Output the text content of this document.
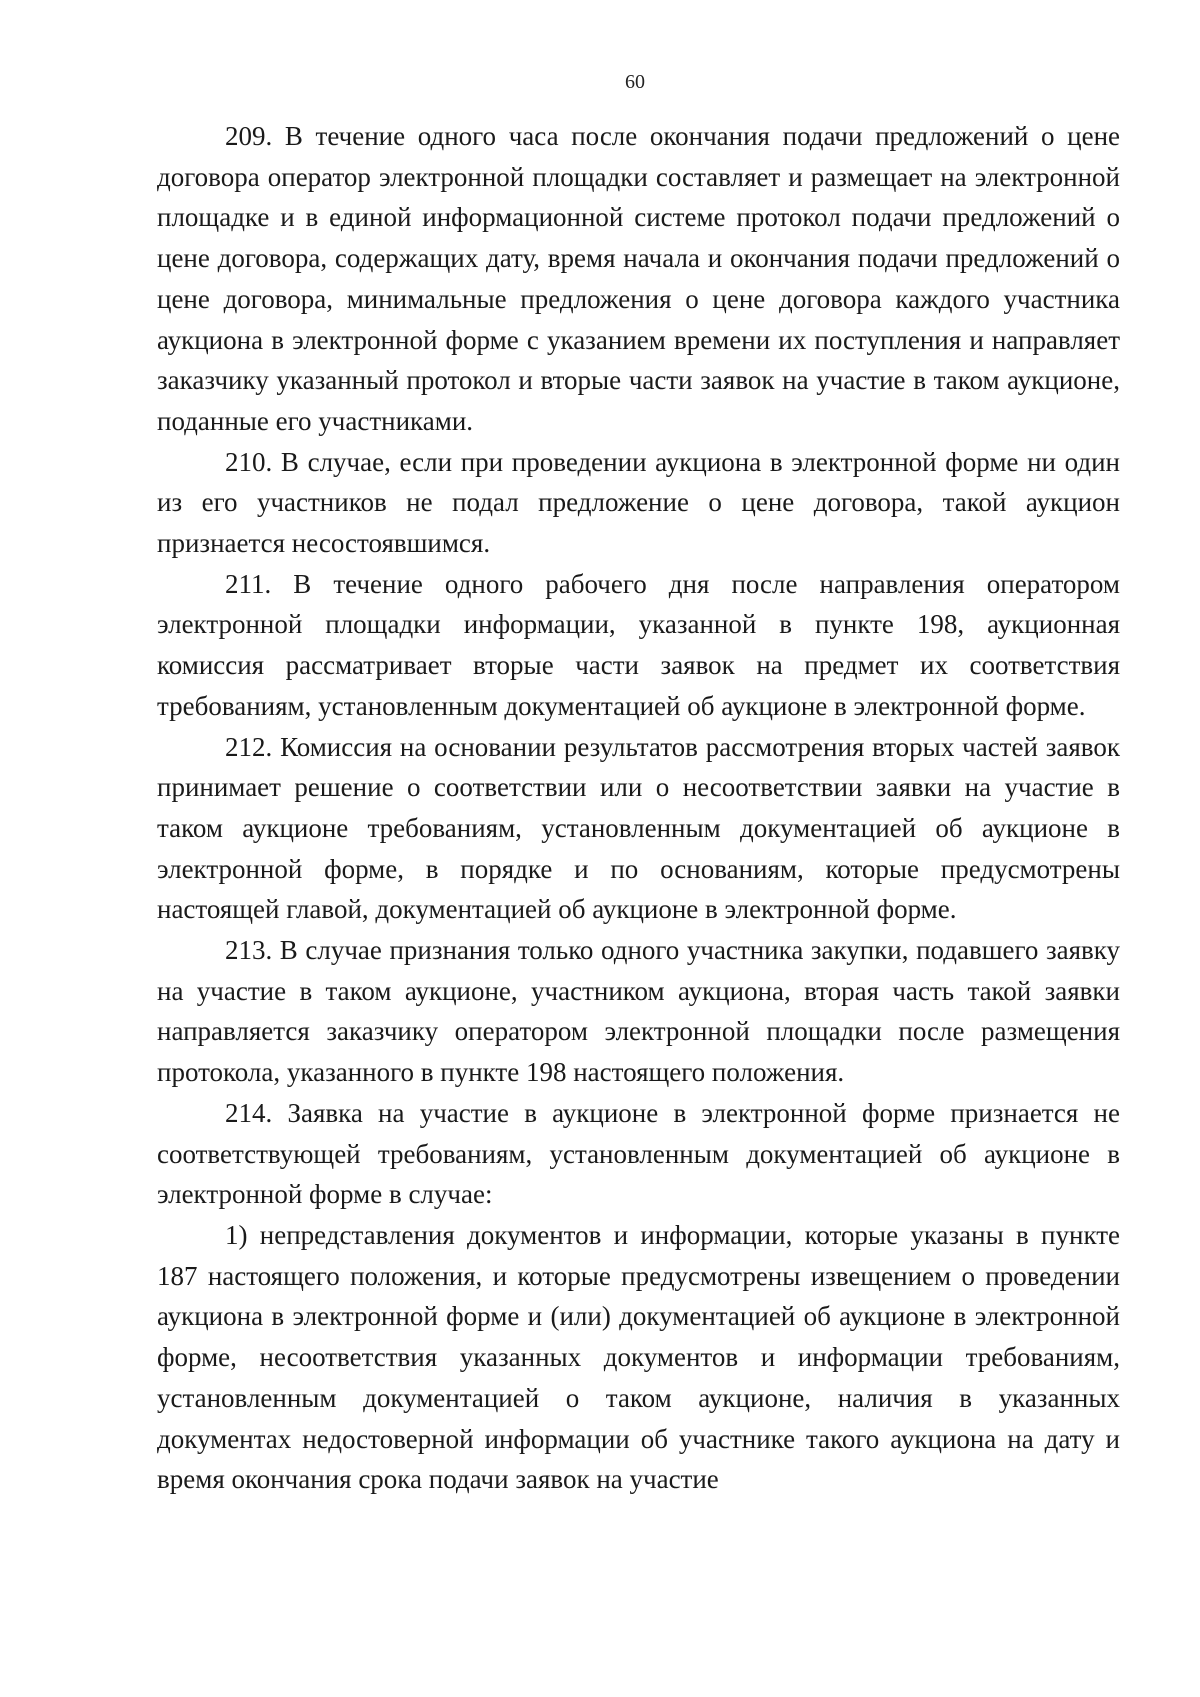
60

209. В течение одного часа после окончания подачи предложений о цене договора оператор электронной площадки составляет и размещает на электронной площадке и в единой информационной системе протокол подачи предложений о цене договора, содержащих дату, время начала и окончания подачи предложений о цене договора, минимальные предложения о цене договора каждого участника аукциона в электронной форме с указанием времени их поступления и направляет заказчику указанный протокол и вторые части заявок на участие в таком аукционе, поданные его участниками.

210. В случае, если при проведении аукциона в электронной форме ни один из его участников не подал предложение о цене договора, такой аукцион признается несостоявшимся.

211. В течение одного рабочего дня после направления оператором электронной площадки информации, указанной в пункте 198, аукционная комиссия рассматривает вторые части заявок на предмет их соответствия требованиям, установленным документацией об аукционе в электронной форме.

212. Комиссия на основании результатов рассмотрения вторых частей заявок принимает решение о соответствии или о несоответствии заявки на участие в таком аукционе требованиям, установленным документацией об аукционе в электронной форме, в порядке и по основаниям, которые предусмотрены настоящей главой, документацией об аукционе в электронной форме.

213. В случае признания только одного участника закупки, подавшего заявку на участие в таком аукционе, участником аукциона, вторая часть такой заявки направляется заказчику оператором электронной площадки после размещения протокола, указанного в пункте 198 настоящего положения.

214. Заявка на участие в аукционе в электронной форме признается не соответствующей требованиям, установленным документацией об аукционе в электронной форме в случае:

1) непредставления документов и информации, которые указаны в пункте 187 настоящего положения, и которые предусмотрены извещением о проведении аукциона в электронной форме и (или) документацией об аукционе в электронной форме, несоответствия указанных документов и информации требованиям, установленным документацией о таком аукционе, наличия в указанных документах недостоверной информации об участнике такого аукциона на дату и время окончания срока подачи заявок на участие
